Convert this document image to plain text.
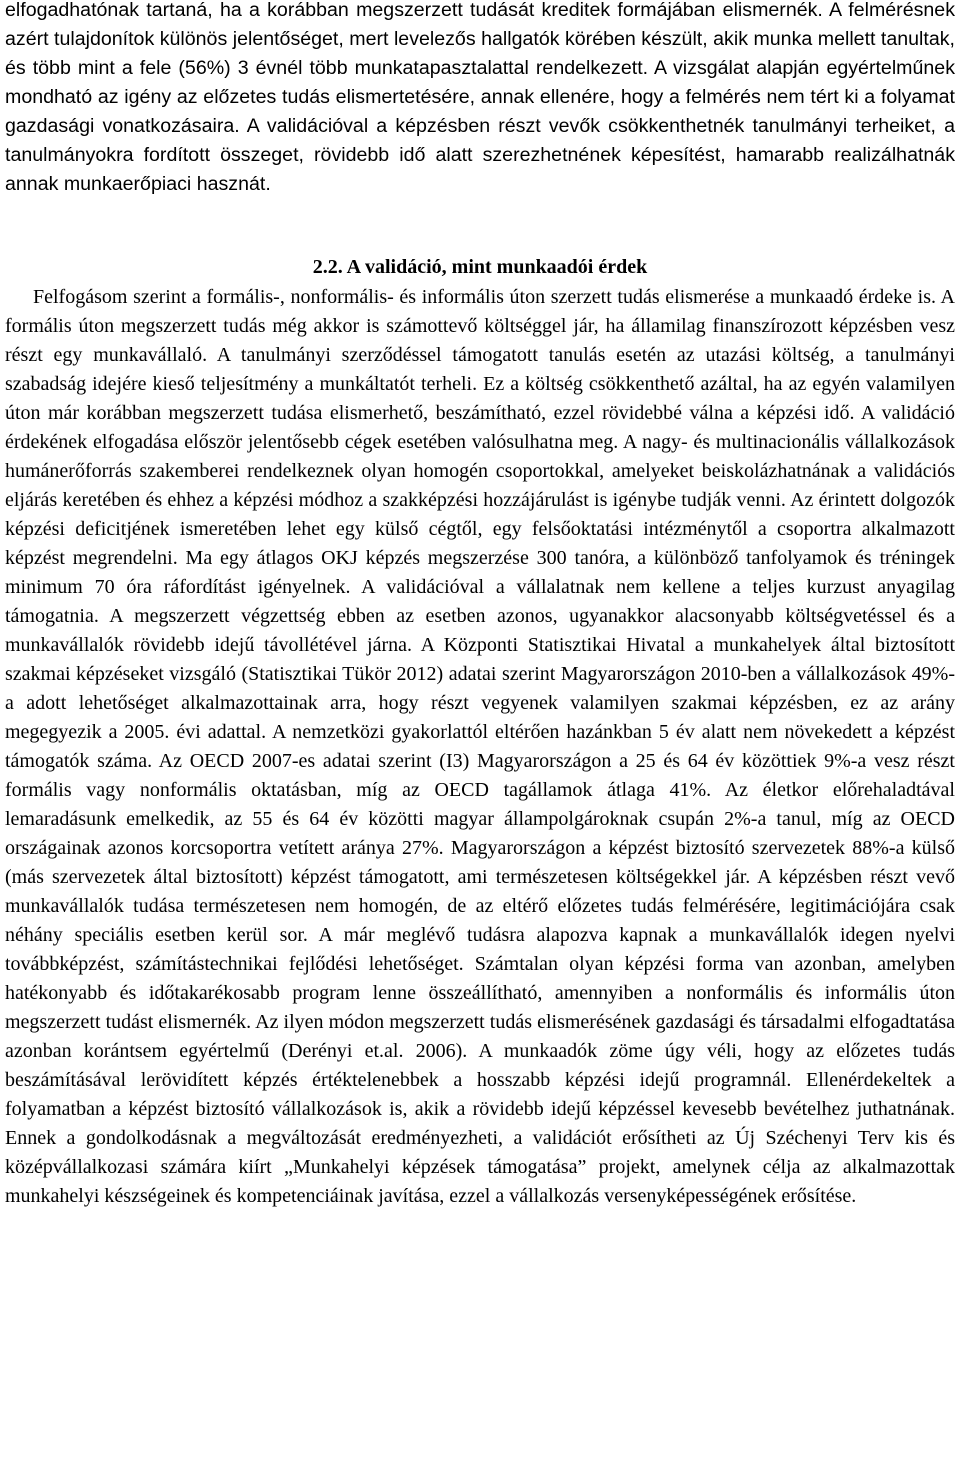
elfogadhatónak tartaná, ha a korábban megszerzett tudását kreditek formájában elismernék. A felmérésnek azért tulajdonítok különös jelentőséget, mert levelezős hallgatók körében készült, akik munka mellett tanultak, és több mint a fele (56%) 3 évnél több munkatapasztalattal rendelkezett. A vizsgálat alapján egyértelműnek mondható az igény az előzetes tudás elismertetésére, annak ellenére, hogy a felmérés nem tért ki a folyamat gazdasági vonatkozásaira. A validációval a képzésben részt vevők csökkenthetnék tanulmányi terheiket, a tanulmányokra fordított összeget, rövidebb idő alatt szerezhetnének képesítést, hamarabb realizálhatnák annak munkaerőpiaci hasznát.

2.2. A validáció, mint munkaadói érdek

Felfogásom szerint a formális-, nonformális- és informális úton szerzett tudás elismerése a munkaadó érdeke is. A formális úton megszerzett tudás még akkor is számottevő költséggel jár, ha államilag finanszírozott képzésben vesz részt egy munkavállaló. A tanulmányi szerződéssel támogatott tanulás esetén az utazási költség, a tanulmányi szabadság idejére kieső teljesítmény a munkáltatót terheli. Ez a költség csökkenthető azáltal, ha az egyén valamilyen úton már korábban megszerzett tudása elismerhető, beszámítható, ezzel rövidebbé válna a képzési idő. A validáció érdekének elfogadása először jelentősebb cégek esetében valósulhatna meg. A nagy- és multinacionális vállalkozások humánerőforrás szakemberei rendelkeznek olyan homogén csoportokkal, amelyeket beiskolázhatnának a validációs eljárás keretében és ehhez a képzési módhoz a szakképzési hozzájárulást is igénybe tudják venni. Az érintett dolgozók képzési deficitjének ismeretében lehet egy külső cégtől, egy felsőoktatási intézménytől a csoportra alkalmazott képzést megrendelni. Ma egy átlagos OKJ képzés megszerzése 300 tanóra, a különböző tanfolyamok és tréningek minimum 70 óra ráfordítást igényelnek. A validációval a vállalatnak nem kellene a teljes kurzust anyagilag támogatnia. A megszerzett végzettség ebben az esetben azonos, ugyanakkor alacsonyabb költségvetéssel és a munkavállalók rövidebb idejű távollétével járna. A Központi Statisztikai Hivatal a munkahelyek által biztosított szakmai képzéseket vizsgáló (Statisztikai Tükör 2012) adatai szerint Magyarországon 2010-ben a vállalkozások 49%-a adott lehetőséget alkalmazottainak arra, hogy részt vegyenek valamilyen szakmai képzésben, ez az arány megegyezik a 2005. évi adattal. A nemzetközi gyakorlattól eltérően hazánkban 5 év alatt nem növekedett a képzést támogatók száma. Az OECD 2007-es adatai szerint (I3) Magyarországon a 25 és 64 év közöttiek 9%-a vesz részt formális vagy nonformális oktatásban, míg az OECD tagállamok átlaga 41%. Az életkor előrehaladtával lemaradásunk emelkedik, az 55 és 64 év közötti magyar állampolgároknak csupán 2%-a tanul, míg az OECD országainak azonos korcsoportra vetített aránya 27%. Magyarországon a képzést biztosító szervezetek 88%-a külső (más szervezetek által biztosított) képzést támogatott, ami természetesen költségekkel jár. A képzésben részt vevő munkavállalók tudása természetesen nem homogén, de az eltérő előzetes tudás felmérésére, legitimációjára csak néhány speciális esetben kerül sor. A már meglévő tudásra alapozva kapnak a munkavállalók idegen nyelvi továbbképzést, számítástechnikai fejlődési lehetőséget. Számtalan olyan képzési forma van azonban, amelyben hatékonyabb és időtakarékosabb program lenne összeállítható, amennyiben a nonformális és informális úton megszerzett tudást elismernék. Az ilyen módon megszerzett tudás elismerésének gazdasági és társadalmi elfogadtatása azonban korántsem egyértelmű (Derényi et.al. 2006). A munkaadók zöme úgy véli, hogy az előzetes tudás beszámításával lerövidített képzés értéktelenebbek a hosszabb képzési idejű programnál. Ellenérdekeltek a folyamatban a képzést biztosító vállalkozások is, akik a rövidebb idejű képzéssel kevesebb bevételhez juthatnának. Ennek a gondolkodásnak a megváltozását eredményezheti, a validációt erősítheti az Új Széchenyi Terv kis és középvállalkozasi számára kiírt „Munkahelyi képzések támogatása” projekt, amelynek célja az alkalmazottak munkahelyi készségeinek és kompetenciáinak javítása, ezzel a vállalkozás versenyképességének erősítése.
